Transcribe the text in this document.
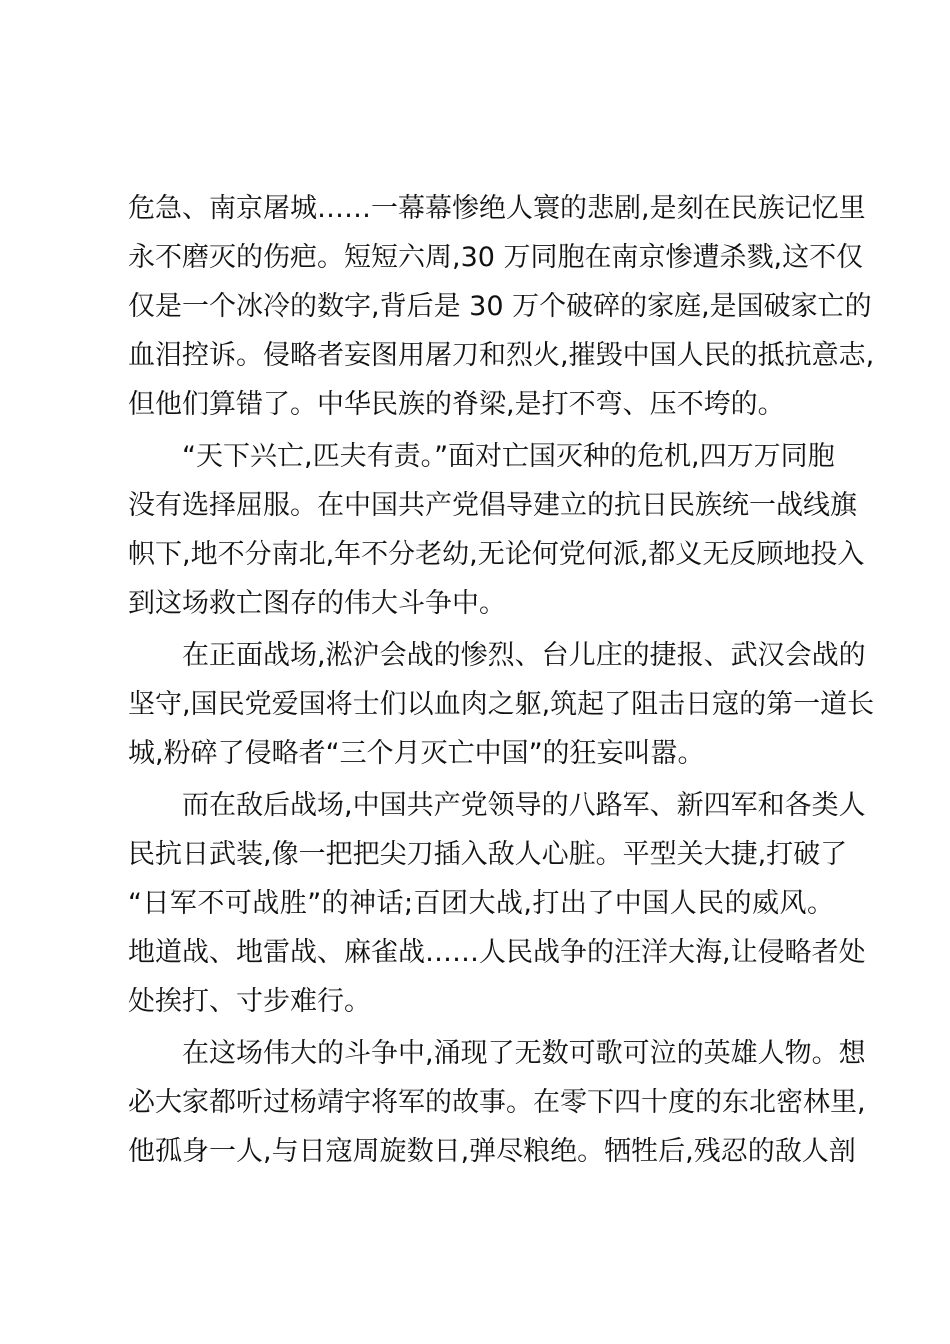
危急、南京屠城……一幕幕惨绝人寰的悲剧,是刻在民族记忆里
永不磨灭的伤疤。短短六周,30 万同胞在南京惨遭杀戮,这不仅
仅是一个冰冷的数字,背后是 30 万个破碎的家庭,是国破家亡的
血泪控诉。侵略者妄图用屠刀和烈火,摧毁中国人民的抵抗意志,
但他们算错了。中华民族的脊梁,是打不弯、压不垮的。
“天下兴亡,匹夫有责。”面对亡国灭种的危机,四万万同胞
没有选择屈服。在中国共产党倡导建立的抗日民族统一战线旗
帜下,地不分南北,年不分老幼,无论何党何派,都义无反顾地投入
到这场救亡图存的伟大斗争中。
在正面战场,淞沪会战的惨烈、台儿庄的捷报、武汉会战的
坚守,国民党爱国将士们以血肉之躯,筑起了阻击日寇的第一道长
城,粉碎了侵略者“三个月灭亡中国”的狂妄叫嚣。
而在敌后战场,中国共产党领导的八路军、新四军和各类人
民抗日武装,像一把把尖刀插入敌人心脏。平型关大捷,打破了
“日军不可战胜”的神话;百团大战,打出了中国人民的威风。
地道战、地雷战、麻雀战……人民战争的汪洋大海,让侵略者处
处挨打、寸步难行。
在这场伟大的斗争中,涌现了无数可歌可泣的英雄人物。想
必大家都听过杨靖宇将军的故事。在零下四十度的东北密林里,
他孤身一人,与日寇周旋数日,弹尽粮绝。牺牲后,残忍的敌人剖
